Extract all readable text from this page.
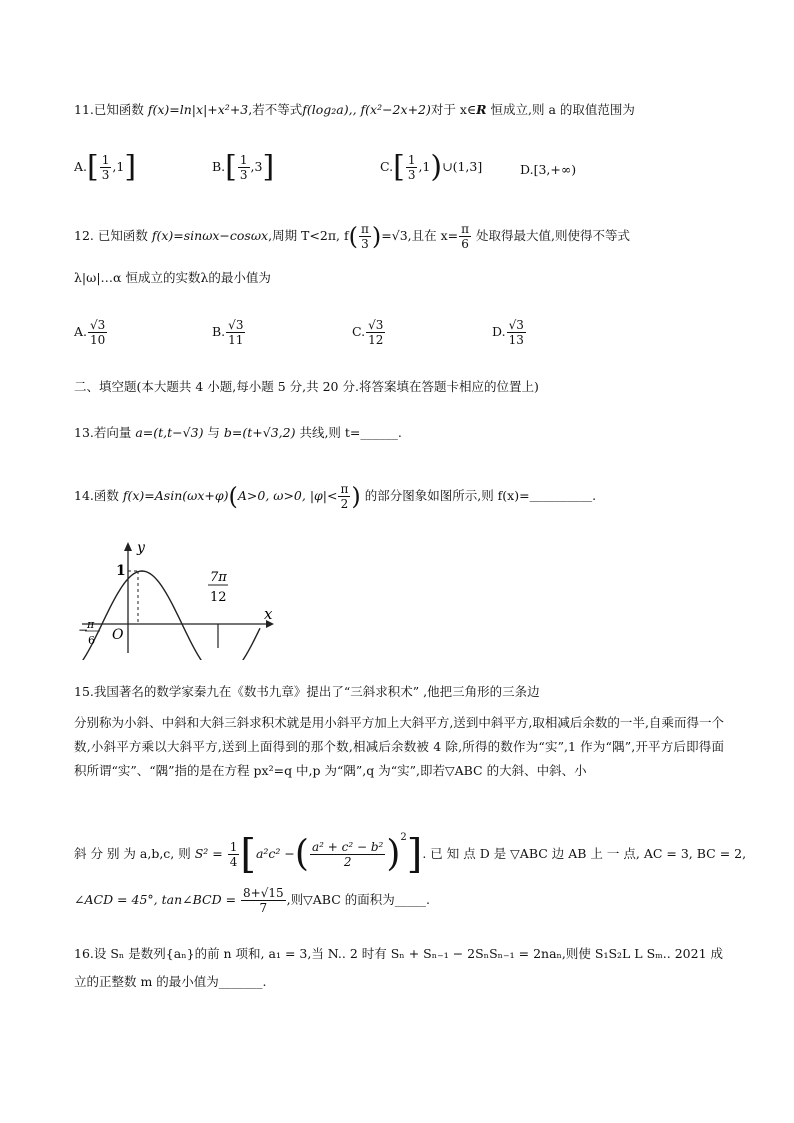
11.已知函数 f(x)=ln|x|+x²+3,若不等式f(log₂a),, f(x²−2x+2)对于 x∈R 恒成立,则 a 的取值范围为
$A.[ \frac{1}{3} ,1]$	$B.[ \frac{1}{3} ,3]$	$C.[ \frac{1}{3}$ ,1)∪(1,3]	D.[3,+∞)
12. 已知函数 f(x)=sinωx−cosωx,周期 T<2π, $f( \frac{\pi}{3} )=√3$,且在 $x= \frac{\pi}{6}$ 处取得最大值,则使得不等式
λ|ω|…α 恒成立的实数λ的最小值为
A. $\frac{√3}{10}$	B. $\frac{√3}{11}$	C. $\frac{√3}{12}$	D. $\frac{√3}{13}$
二、填空题(本大题共 4 小题,每小题 5 分,共 20 分.将答案填在答题卡相应的位置上)
13.若向量 a=(t,t−√3) 与 b=(t+√3,2) 共线,则 t=______.
14.函数 f(x)=Asin(ωx+φ)(A>0, ω>0, $|\varphi|< \frac{\pi}{2}$ ) 的部分图象如图所示,则 f(x)=＿＿＿＿＿.
y
x
O
1
−
π
6
7π
12
15.我国著名的数学家秦九在《数书九章》提出了“三斜求积术” ,他把三角形的三条边
分别称为小斜、中斜和大斜三斜求积术就是用小斜平方加上大斜平方,送到中斜平方,取相减后余数的一半,自乘而得一个数,小斜平方乘以大斜平方,送到上面得到的那个数,相减后余数被 4 除,所得的数作为“实”,1 作为“隅”,开平方后即得面积所谓“实”、“隅”指的是在方程 px²=q 中,p 为“隅”,q 为“实”,即若▽ABC 的大斜、中斜、小
斜 分 别 为 a,b,c, 则 $S^2 = \frac{1}{4} [a^2c^2$ −( $\frac{\text{a² + c² − b²}}{2} )^2$]. 已 知 点 D 是 ▽ABC 边 AB 上 一 点, AC = 3, BC = 2,
∠ACD = 45°, tan∠BCD = $\frac{8+√15}{7}$ ,则▽ABC 的面积为_____.
16.设 Sₙ 是数列{aₙ}的前 n 项和, a₁ = 3,当 N.. 2 时有 Sₙ + Sₙ₋₁ − 2SₙSₙ₋₁ = 2naₙ,则使 S₁S₂L L Sₘ.. 2021 成
立的正整数 m 的最小值为_______.
